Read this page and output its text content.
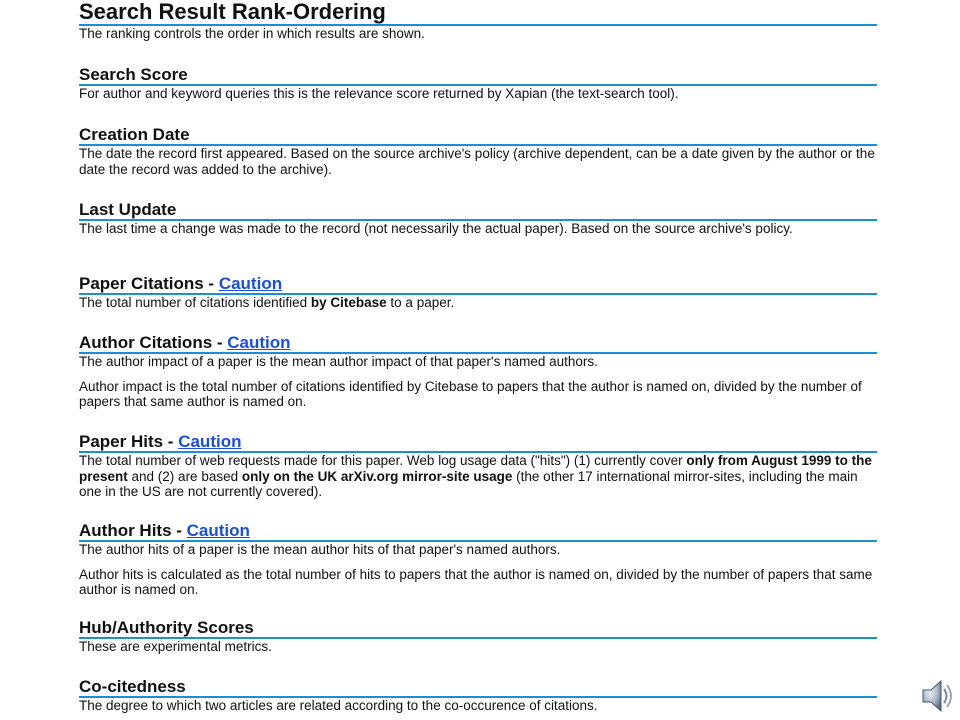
Search Result Rank-Ordering

The ranking controls the order in which results are shown.

Search Score

For author and keyword queries this is the relevance score returned by Xapian (the text-search tool).

Creation Date

The date the record first appeared. Based on the source archive's policy (archive dependent, can be a date given by the author or the date the record was added to the archive).

Last Update

The last time a change was made to the record (not necessarily the actual paper). Based on the source archive's policy.

Paper Citations - Caution

The total number of citations identified by Citebase to a paper.

Author Citations - Caution

The author impact of a paper is the mean author impact of that paper's named authors.

Author impact is the total number of citations identified by Citebase to papers that the author is named on, divided by the number of papers that same author is named on.

Paper Hits - Caution

The total number of web requests made for this paper. Web log usage data ("hits") (1) currently cover only from August 1999 to the present and (2) are based only on the UK arXiv.org mirror-site usage (the other 17 international mirror-sites, including the main one in the US are not currently covered).

Author Hits - Caution

The author hits of a paper is the mean author hits of that paper's named authors.

Author hits is calculated as the total number of hits to papers that the author is named on, divided by the number of papers that same author is named on.

Hub/Authority Scores

These are experimental metrics.

Co-citedness

The degree to which two articles are related according to the co-occurence of citations.
